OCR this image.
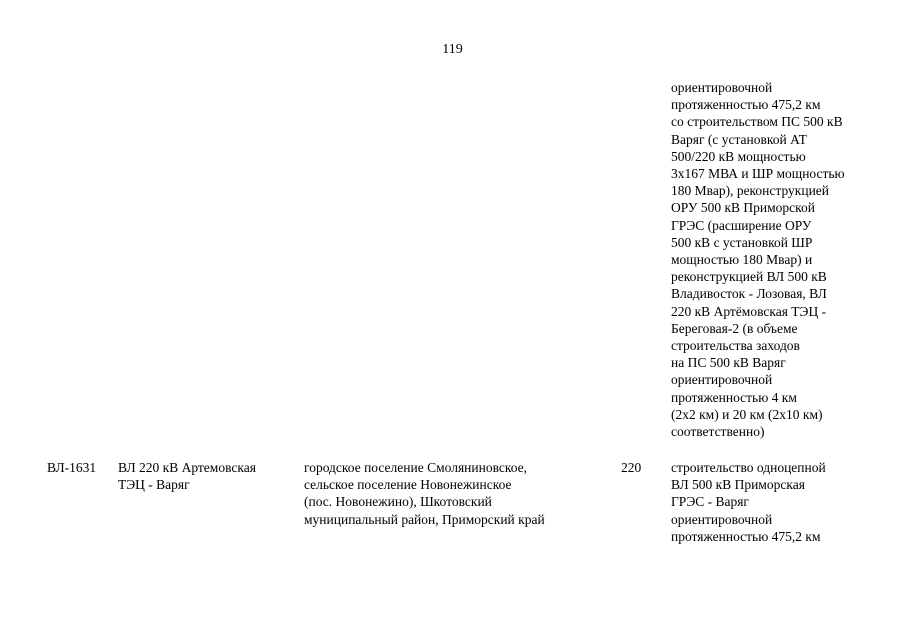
119
ориентировочной
протяженностью 475,2 км
со строительством ПС 500 кВ
Варяг (с установкой АТ
500/220 кВ мощностью
3х167 МВА и ШР мощностью
180 Мвар), реконструкцией
ОРУ 500 кВ Приморской
ГРЭС (расширение ОРУ
500 кВ с установкой ШР
мощностью 180 Мвар) и
реконструкцией ВЛ 500 кВ
Владивосток - Лозовая, ВЛ
220 кВ Артёмовская ТЭЦ -
Береговая-2 (в объеме
строительства заходов
на ПС 500 кВ Варяг
ориентировочной
протяженностью 4 км
(2х2 км) и 20 км (2х10 км)
соответственно)
ВЛ-1631	ВЛ 220 кВ Артемовская
ТЭЦ - Варяг
городское поселение Смоляниновское,
сельское поселение Новонежинское
(пос. Новонежино), Шкотовский
муниципальный район, Приморский край
220	строительство одноцепной
ВЛ 500 кВ Приморская
ГРЭС - Варяг
ориентировочной
протяженностью 475,2 км
